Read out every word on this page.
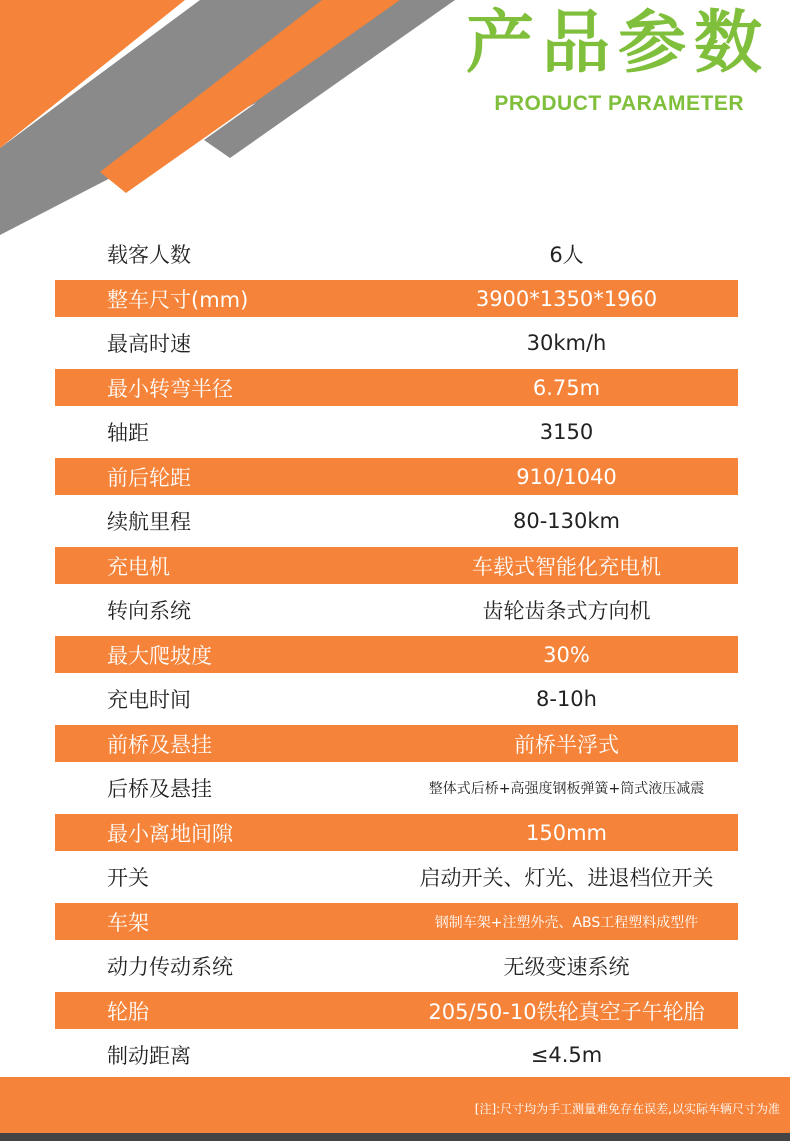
产品参数
PRODUCT PARAMETER
载客人数	6人
整车尺寸(mm)	3900*1350*1960
最高时速	30km/h
最小转弯半径	6.75m
轴距	3150
前后轮距	910/1040
续航里程	80-130km
充电机	车载式智能化充电机
转向系统	齿轮齿条式方向机
最大爬坡度	30%
充电时间	8-10h
前桥及悬挂	前桥半浮式
后桥及悬挂	整体式后桥+高强度钢板弹簧+筒式液压减震
最小离地间隙	150mm
开关	启动开关、灯光、进退档位开关
车架	钢制车架+注塑外壳、ABS工程塑料成型件
动力传动系统	无级变速系统
轮胎	205/50-10铁轮真空子午轮胎
制动距离	≤4.5m
[注]:尺寸均为手工测量难免存在误差,以实际车辆尺寸为准
